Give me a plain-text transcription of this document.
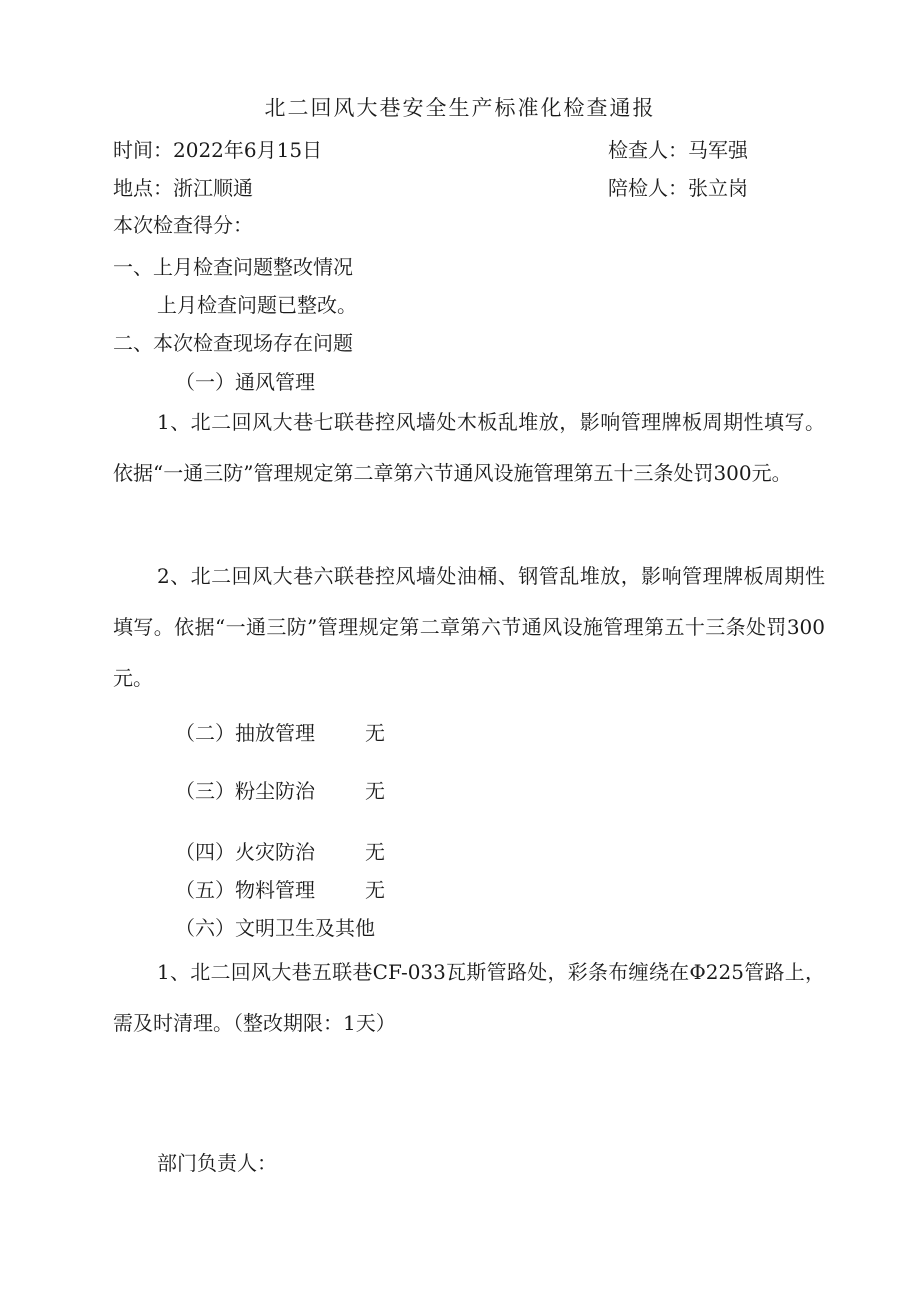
北二回风大巷安全生产标准化检查通报
时间：2022年6月15日	检查人：马军强
地点：浙江顺通	陪检人：张立岗
本次检查得分：
一、上月检查问题整改情况
上月检查问题已整改。
二、本次检查现场存在问题
（一）通风管理
1、北二回风大巷七联巷控风墙处木板乱堆放，影响管理牌板周期性填写。依据“一通三防”管理规定第二章第六节通风设施管理第五十三条处罚300元。
2、北二回风大巷六联巷控风墙处油桶、钢管乱堆放，影响管理牌板周期性填写。依据“一通三防”管理规定第二章第六节通风设施管理第五十三条处罚300元。
（二）抽放管理	无
（三）粉尘防治	无
（四）火灾防治	无
（五）物料管理	无
（六）文明卫生及其他
1、北二回风大巷五联巷CF-033瓦斯管路处，彩条布缠绕在Φ225管路上，需及时清理。（整改期限：1天）
部门负责人：
